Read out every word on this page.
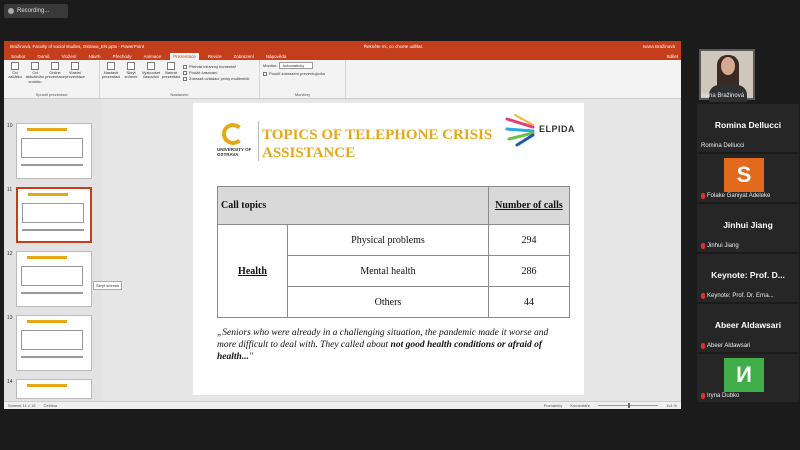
Recording...
Bražinová, Faculty of social studies, Ostrava_EN.pptx - PowerPoint	Řekněte mi, co chcete udělat.	Ivana Bražinová
Soubor	Domů	Vložení	Návrh	Přechody	Animace	Prezentace	Revize	Zobrazení	Nápověda	Sdílet
Od začátku
Od aktuálního snímku
Online prezentace
Vlastní prezentace
Spustit prezentaci
Nastavit prezentaci
Skrýt snímek
Vyzkoušet časování
Nahrát prezentaci
Přehrát mluvený komentář
Použít časování
Zobrazit ovládací prvky multimédií
Nastavení
Monitor:	Automaticky
Použít zobrazení prezentujícího
Monitory
10
11
12
13
14
Skrýt snímek
Snímek 11 z 15 Čeština	Poznámky Komentáře	114 %
UNIVERSITY OF OSTRAVA
TOPICS OF TELEPHONE CRISIS ASSISTANCE
ELPIDA
Call topics		Number of calls
Health	Physical problems	294
	Mental health	286
	Others	44
„Seniors who were already in a challenging situation, the pandemic made it worse and more difficult to deal with. They called about not good health conditions or afraid of health..."
Ivana Bražinová
Romina Dellucci
Romina Dellucci
S
Folake Ganiyat Adeleke
Jinhui Jiang
Jinhui Jiang
Keynote: Prof. D...
Keynote: Prof. Dr. Erna...
Abeer Aldawsari
Abeer Aldawsari
И
Iryna Dubko
